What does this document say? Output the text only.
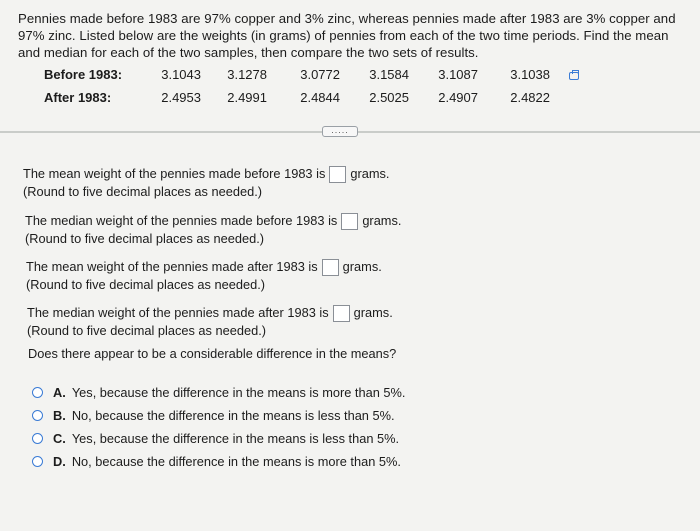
Pennies made before 1983 are 97% copper and 3% zinc, whereas pennies made after 1983 are 3% copper and 97% zinc. Listed below are the weights (in grams) of pennies from each of the two time periods. Find the mean and median for each of the two samples, then compare the two sets of results.
Before 1983:	3.1043	3.1278	3.0772	3.1584	3.1087	3.1038
After 1983:	2.4953	2.4991	2.4844	2.5025	2.4907	2.4822
.....
The mean weight of the pennies made before 1983 is grams.
(Round to five decimal places as needed.)
The median weight of the pennies made before 1983 is grams.
(Round to five decimal places as needed.)
The mean weight of the pennies made after 1983 is grams.
(Round to five decimal places as needed.)
The median weight of the pennies made after 1983 is grams.
(Round to five decimal places as needed.)
Does there appear to be a considerable difference in the means?
A. Yes, because the difference in the means is more than 5%.
B. No, because the difference in the means is less than 5%.
C. Yes, because the difference in the means is less than 5%.
D. No, because the difference in the means is more than 5%.
